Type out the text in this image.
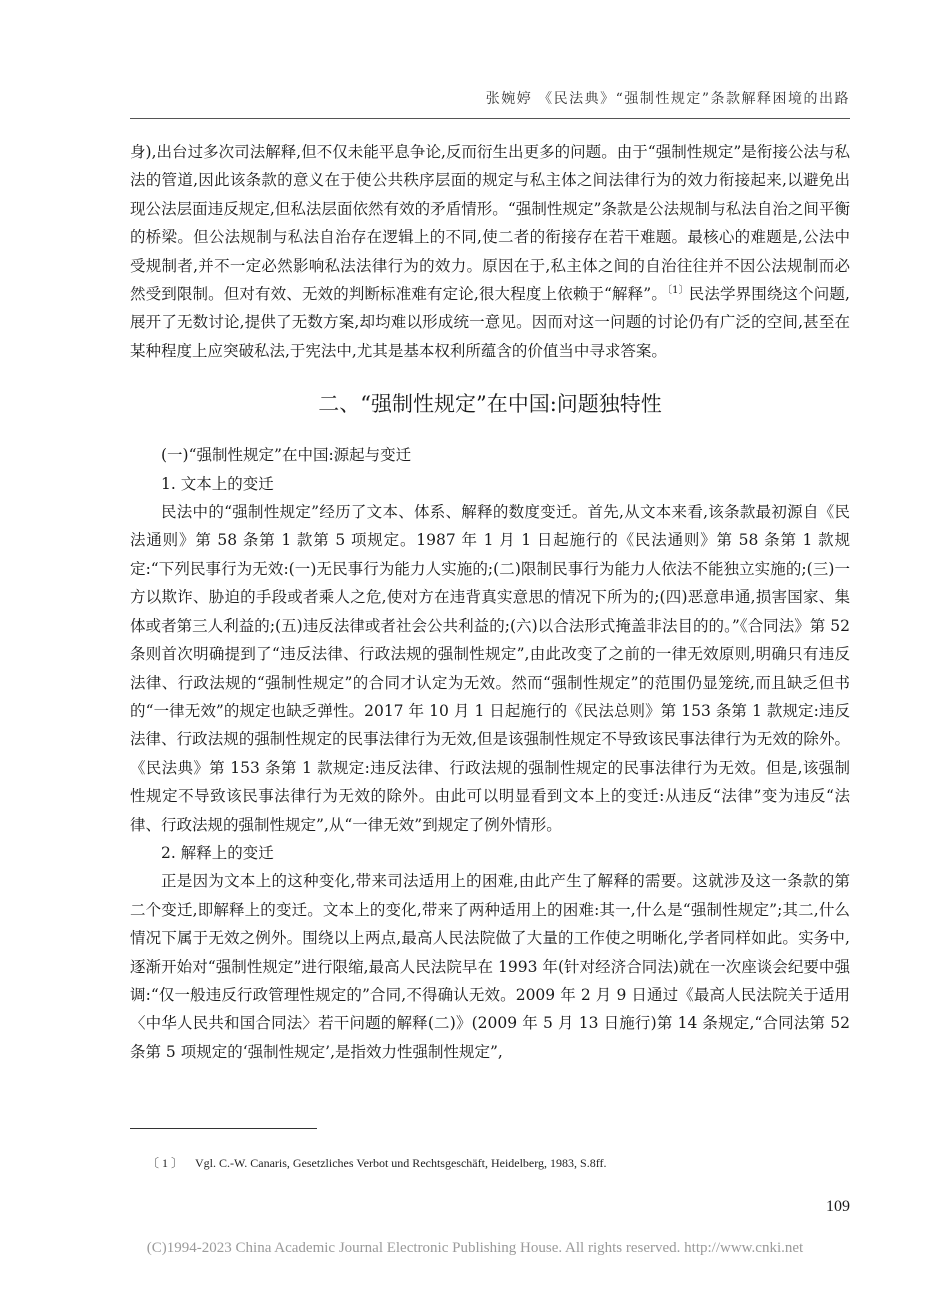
张婉婷 《民法典》“强制性规定”条款解释困境的出路

身),出台过多次司法解释,但不仅未能平息争论,反而衍生出更多的问题。由于“强制性规定”是衔接公法与私法的管道,因此该条款的意义在于使公共秩序层面的规定与私主体之间法律行为的效力衔接起来,以避免出现公法层面违反规定,但私法层面依然有效的矛盾情形。“强制性规定”条款是公法规制与私法自治之间平衡的桥梁。但公法规制与私法自治存在逻辑上的不同,使二者的衔接存在若干难题。最核心的难题是,公法中受规制者,并不一定必然影响私法法律行为的效力。原因在于,私主体之间的自治往往并不因公法规制而必然受到限制。但对有效、无效的判断标准难有定论,很大程度上依赖于“解释”。$^{〔1〕}$民法学界围绕这个问题,展开了无数讨论,提供了无数方案,却均难以形成统一意见。因而对这一问题的讨论仍有广泛的空间,甚至在某种程度上应突破私法,于宪法中,尤其是基本权利所蕴含的价值当中寻求答案。

二、“强制性规定”在中国:问题独特性

(一)“强制性规定”在中国:源起与变迁

1. 文本上的变迁

民法中的“强制性规定”经历了文本、体系、解释的数度变迁。首先,从文本来看,该条款最初源自《民法通则》第 58 条第 1 款第 5 项规定。1987 年 1 月 1 日起施行的《民法通则》第 58 条第 1 款规定:“下列民事行为无效:(一)无民事行为能力人实施的;(二)限制民事行为能力人依法不能独立实施的;(三)一方以欺诈、胁迫的手段或者乘人之危,使对方在违背真实意思的情况下所为的;(四)恶意串通,损害国家、集体或者第三人利益的;(五)违反法律或者社会公共利益的;(六)以合法形式掩盖非法目的的。”《合同法》第 52 条则首次明确提到了“违反法律、行政法规的强制性规定”,由此改变了之前的一律无效原则,明确只有违反法律、行政法规的“强制性规定”的合同才认定为无效。然而“强制性规定”的范围仍显笼统,而且缺乏但书的“一律无效”的规定也缺乏弹性。2017 年 10 月 1 日起施行的《民法总则》第 153 条第 1 款规定:违反法律、行政法规的强制性规定的民事法律行为无效,但是该强制性规定不导致该民事法律行为无效的除外。《民法典》第 153 条第 1 款规定:违反法律、行政法规的强制性规定的民事法律行为无效。但是,该强制性规定不导致该民事法律行为无效的除外。由此可以明显看到文本上的变迁:从违反“法律”变为违反“法律、行政法规的强制性规定”,从“一律无效”到规定了例外情形。

2. 解释上的变迁

正是因为文本上的这种变化,带来司法适用上的困难,由此产生了解释的需要。这就涉及这一条款的第二个变迁,即解释上的变迁。文本上的变化,带来了两种适用上的困难:其一,什么是“强制性规定”;其二,什么情况下属于无效之例外。围绕以上两点,最高人民法院做了大量的工作使之明晰化,学者同样如此。实务中,逐渐开始对“强制性规定”进行限缩,最高人民法院早在 1993 年(针对经济合同法)就在一次座谈会纪要中强调:“仅一般违反行政管理性规定的”合同,不得确认无效。2009 年 2 月 9 日通过《最高人民法院关于适用〈中华人民共和国合同法〉若干问题的解释(二)》(2009 年 5 月 13 日施行)第 14 条规定,“合同法第 52 条第 5 项规定的‘强制性规定’,是指效力性强制性规定”,

〔 1 〕 Vgl. C.-W. Canaris, Gesetzliches Verbot und Rechtsgeschäft, Heidelberg, 1983, S.8ff.
109
(C)1994-2023 China Academic Journal Electronic Publishing House. All rights reserved. http://www.cnki.net
